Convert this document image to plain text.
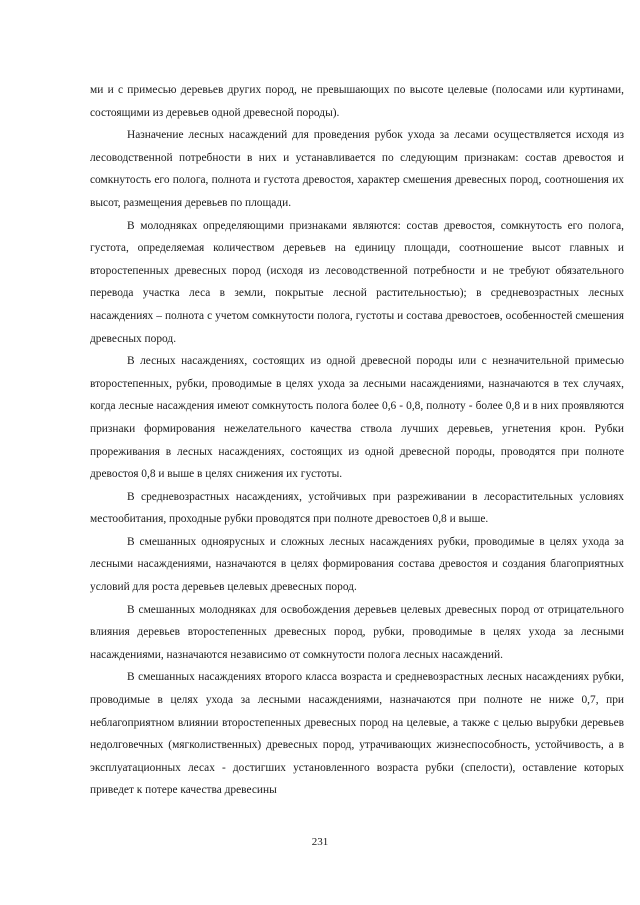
ми и с примесью деревьев других пород, не превышающих по высоте целевые (полосами или куртинами, состоящими из деревьев одной древесной породы).

Назначение лесных насаждений для проведения рубок ухода за лесами осуществляется исходя из лесоводственной потребности в них и устанавливается по следующим признакам: состав древостоя и сомкнутость его полога, полнота и густота древостоя, характер смешения древесных пород, соотношения их высот, размещения деревьев по площади.

В молодняках определяющими признаками являются: состав древостоя, сомкнутость его полога, густота, определяемая количеством деревьев на единицу площади, соотношение высот главных и второстепенных древесных пород (исходя из лесоводственной потребности и не требуют обязательного перевода участка леса в земли, покрытые лесной растительностью); в средневозрастных лесных насаждениях – полнота с учетом сомкнутости полога, густоты и состава древостоев, особенностей смешения древесных пород.

В лесных насаждениях, состоящих из одной древесной породы или с незначительной примесью второстепенных, рубки, проводимые в целях ухода за лесными насаждениями, назначаются в тех случаях, когда лесные насаждения имеют сомкнутость полога более 0,6 - 0,8, полноту - более 0,8 и в них проявляются признаки формирования нежелательного качества ствола лучших деревьев, угнетения крон. Рубки прореживания в лесных насаждениях, состоящих из одной древесной породы, проводятся при полноте древостоя 0,8 и выше в целях снижения их густоты.

В средневозрастных насаждениях, устойчивых при разреживании в лесорастительных условиях местообитания, проходные рубки проводятся при полноте древостоев 0,8 и выше.

В смешанных одноярусных и сложных лесных насаждениях рубки, проводимые в целях ухода за лесными насаждениями, назначаются в целях формирования состава древостоя и создания благоприятных условий для роста деревьев целевых древесных пород.

В смешанных молодняках для освобождения деревьев целевых древесных пород от отрицательного влияния деревьев второстепенных древесных пород, рубки, проводимые в целях ухода за лесными насаждениями, назначаются независимо от сомкнутости полога лесных насаждений.

В смешанных насаждениях второго класса возраста и средневозрастных лесных насаждениях рубки, проводимые в целях ухода за лесными насаждениями, назначаются при полноте не ниже 0,7, при неблагоприятном влиянии второстепенных древесных пород на целевые, а также с целью вырубки деревьев недолговечных (мягколиственных) древесных пород, утрачивающих жизнеспособность, устойчивость, а в эксплуатационных лесах - достигших установленного возраста рубки (спелости), оставление которых приведет к потере качества древесины

231
